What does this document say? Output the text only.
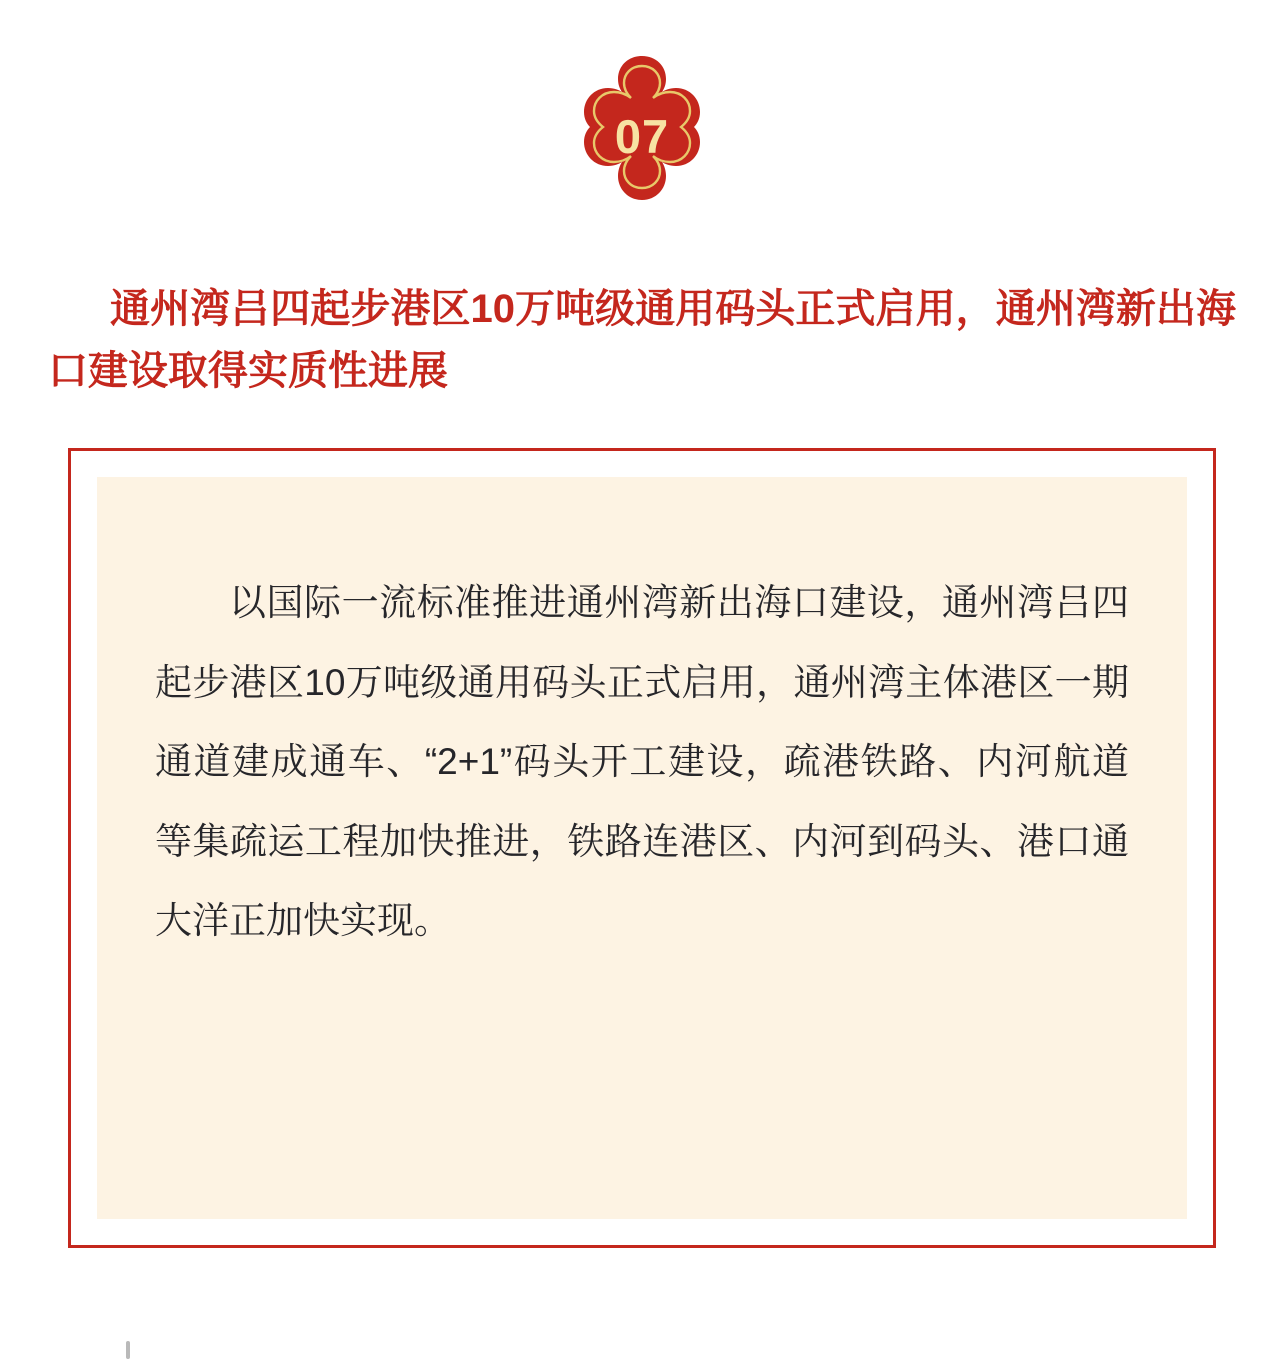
07
通州湾吕四起步港区10万吨级通用码头正式启用，通州湾新出海口建设取得实质性进展
以国际一流标准推进通州湾新出海口建设，通州湾吕四起步港区10万吨级通用码头正式启用，通州湾主体港区一期通道建成通车、“2+1”码头开工建设，疏港铁路、内河航道等集疏运工程加快推进，铁路连港区、内河到码头、港口通大洋正加快实现。
